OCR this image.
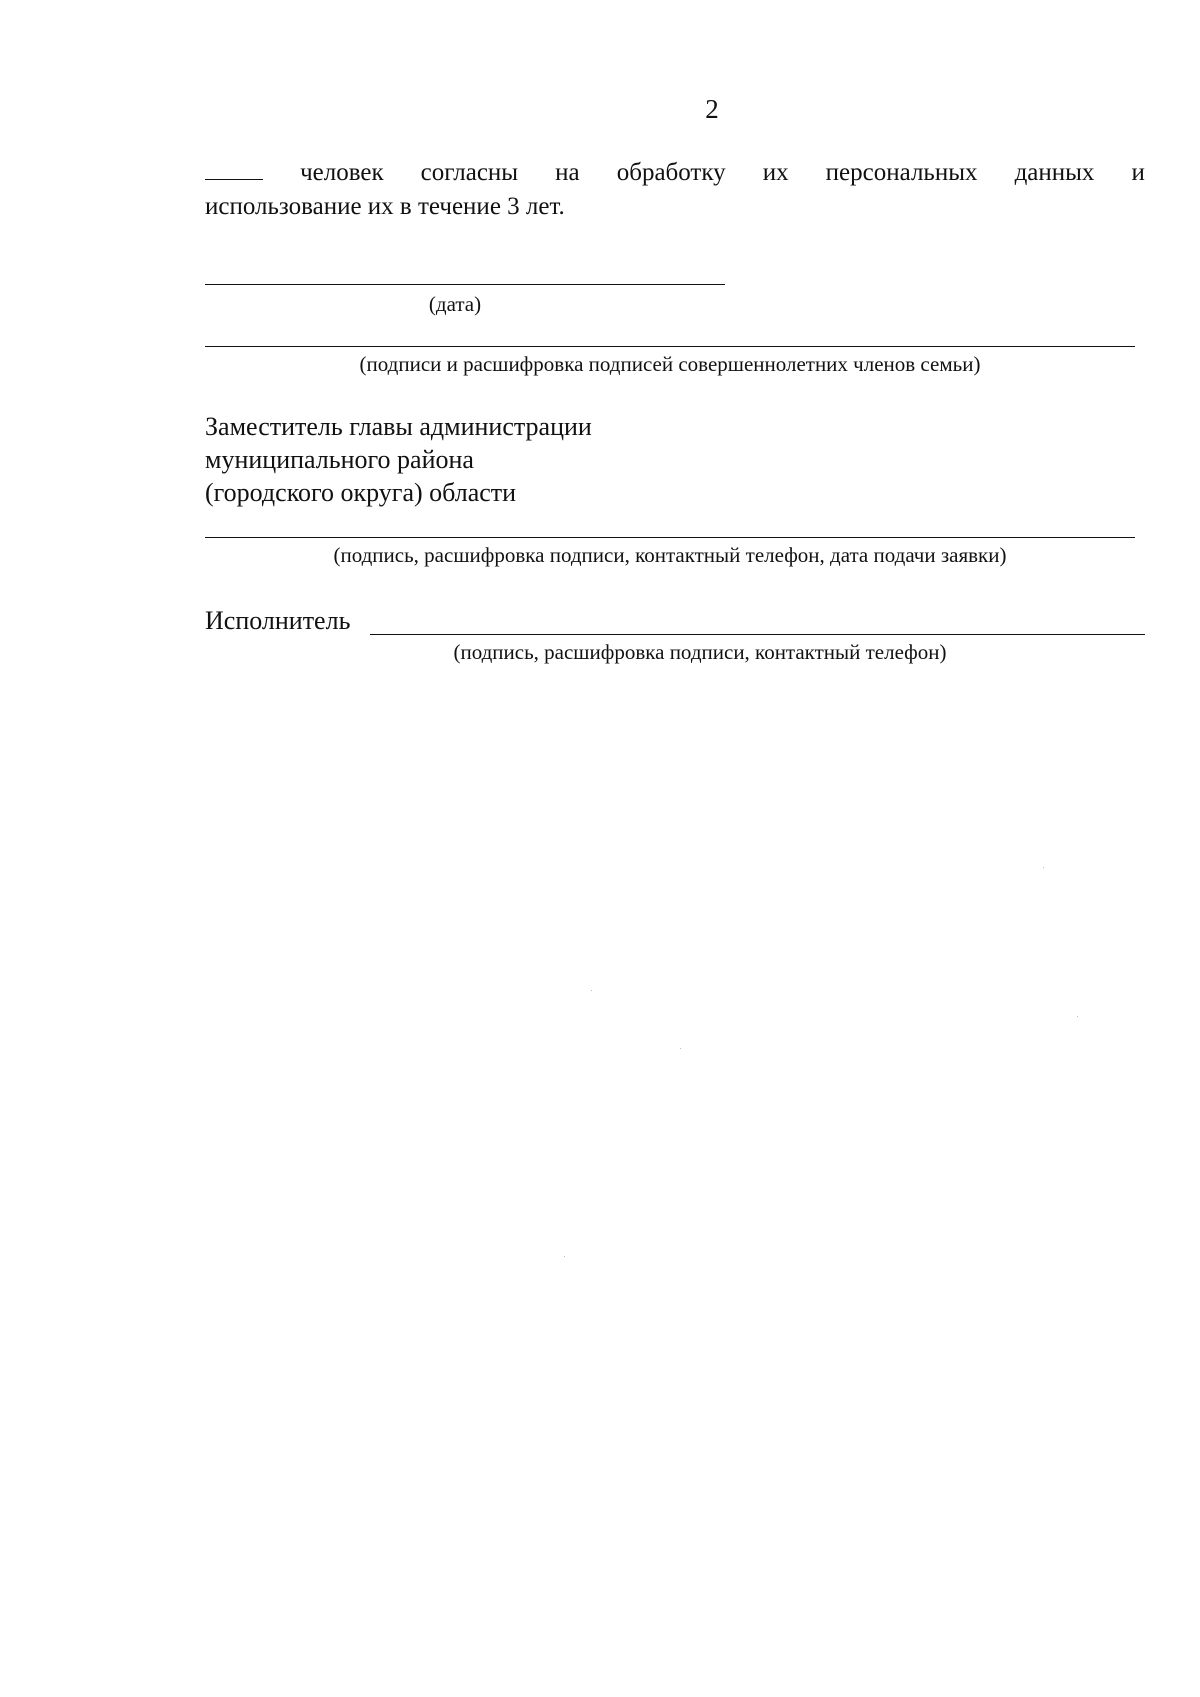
2
человек согласны на обработку их персональных данных и
использование их в течение 3 лет.
(дата)
(подписи и расшифровка подписей совершеннолетних членов семьи)
Заместитель главы администрации
муниципального района
(городского округа) области
(подпись, расшифровка подписи, контактный телефон, дата подачи заявки)
Исполнитель
(подпись, расшифровка подписи, контактный телефон)
